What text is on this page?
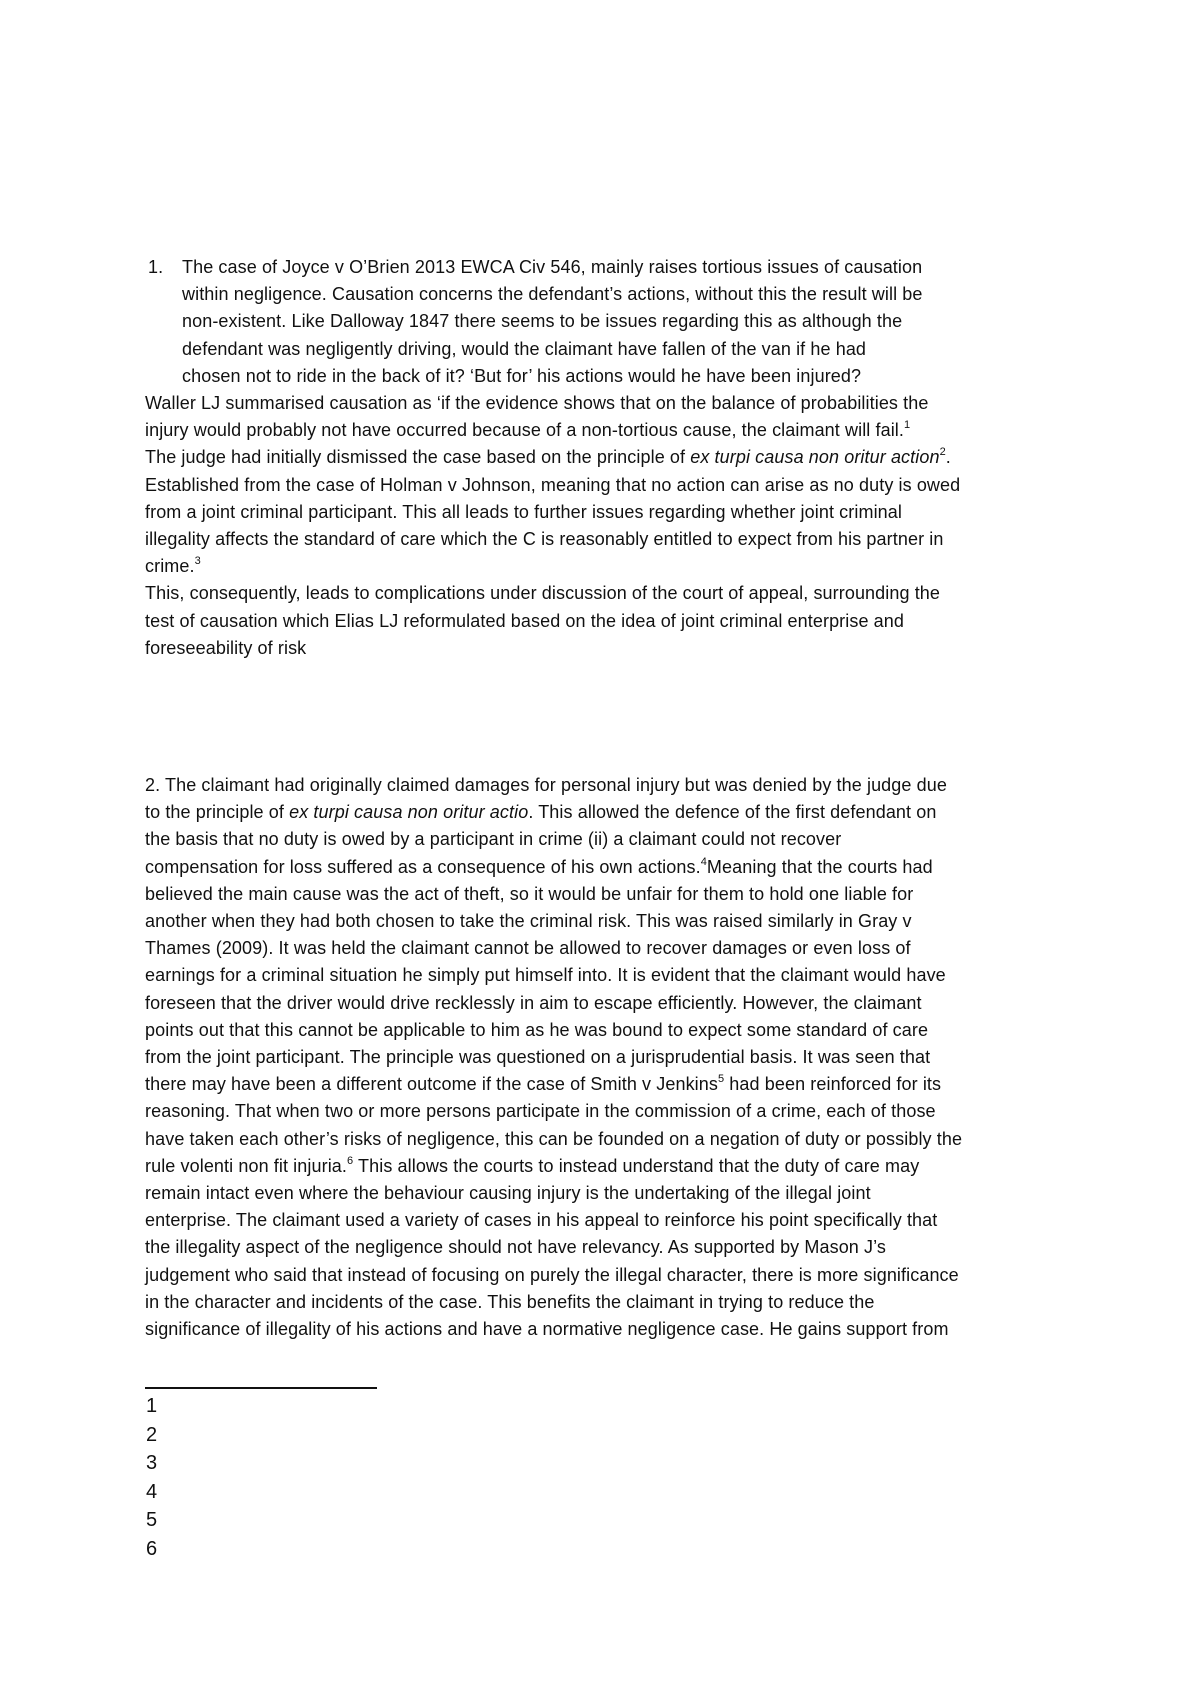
1. The case of Joyce v O’Brien 2013 EWCA Civ 546, mainly raises tortious issues of causation
within negligence. Causation concerns the defendant’s actions, without this the result will be
non-existent. Like Dalloway 1847 there seems to be issues regarding this as although the
defendant was negligently driving, would the claimant have fallen of the van if he had
chosen not to ride in the back of it? ‘But for’ his actions would he have been injured?
Waller LJ summarised causation as ‘if the evidence shows that on the balance of probabilities the
injury would probably not have occurred because of a non-tortious cause, the claimant will fail.$^1$
The judge had initially dismissed the case based on the principle of ex turpi causa non oritur action$^2$.
Established from the case of Holman v Johnson, meaning that no action can arise as no duty is owed
from a joint criminal participant. This all leads to further issues regarding whether joint criminal
illegality affects the standard of care which the C is reasonably entitled to expect from his partner in
crime.$^3$
This, consequently, leads to complications under discussion of the court of appeal, surrounding the
test of causation which Elias LJ reformulated based on the idea of joint criminal enterprise and
foreseeability of risk
2. The claimant had originally claimed damages for personal injury but was denied by the judge due
to the principle of ex turpi causa non oritur actio. This allowed the defence of the first defendant on
the basis that no duty is owed by a participant in crime (ii) a claimant could not recover
compensation for loss suffered as a consequence of his own actions.$^4$Meaning that the courts had
believed the main cause was the act of theft, so it would be unfair for them to hold one liable for
another when they had both chosen to take the criminal risk. This was raised similarly in Gray v
Thames (2009). It was held the claimant cannot be allowed to recover damages or even loss of
earnings for a criminal situation he simply put himself into. It is evident that the claimant would have
foreseen that the driver would drive recklessly in aim to escape efficiently. However, the claimant
points out that this cannot be applicable to him as he was bound to expect some standard of care
from the joint participant. The principle was questioned on a jurisprudential basis. It was seen that
there may have been a different outcome if the case of Smith v Jenkins$^5$ had been reinforced for its
reasoning. That when two or more persons participate in the commission of a crime, each of those
have taken each other’s risks of negligence, this can be founded on a negation of duty or possibly the
rule volenti non fit injuria.$^6$ This allows the courts to instead understand that the duty of care may
remain intact even where the behaviour causing injury is the undertaking of the illegal joint
enterprise. The claimant used a variety of cases in his appeal to reinforce his point specifically that
the illegality aspect of the negligence should not have relevancy. As supported by Mason J’s
judgement who said that instead of focusing on purely the illegal character, there is more significance
in the character and incidents of the case. This benefits the claimant in trying to reduce the
significance of illegality of his actions and have a normative negligence case. He gains support from
1
2
3
4
5
6
